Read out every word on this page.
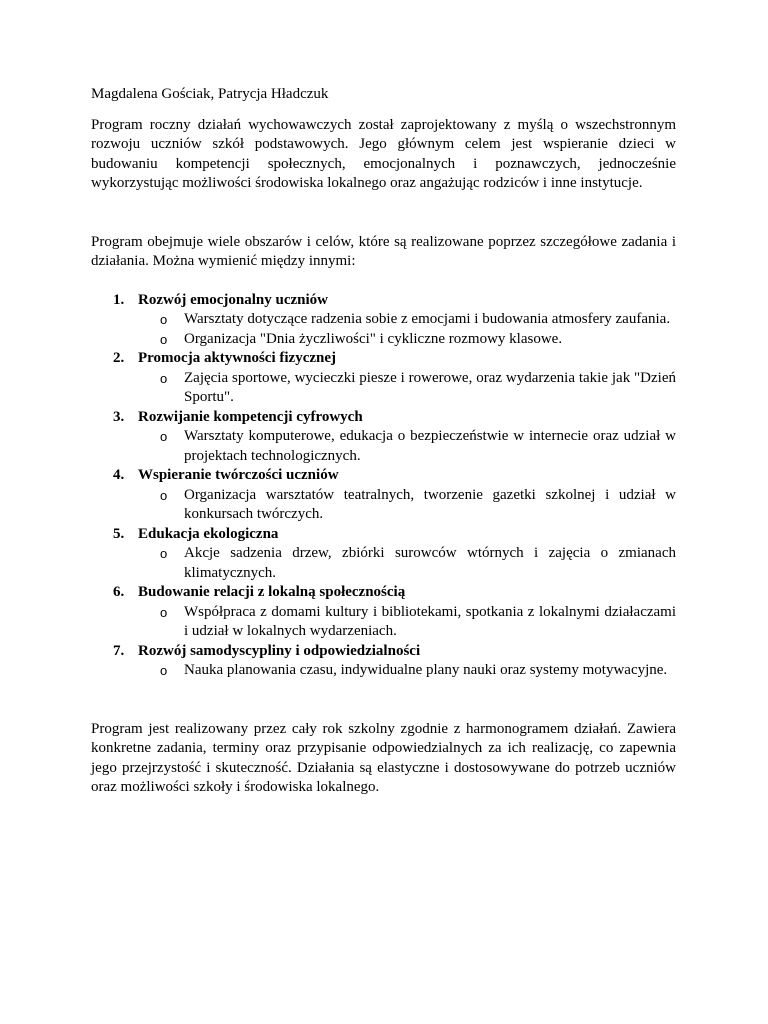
Magdalena Gościak, Patrycja Hładczuk

Program roczny działań wychowawczych został zaprojektowany z myślą o wszechstronnym rozwoju uczniów szkół podstawowych. Jego głównym celem jest wspieranie dzieci w budowaniu kompetencji społecznych, emocjonalnych i poznawczych, jednocześnie wykorzystując możliwości środowiska lokalnego oraz angażując rodziców i inne instytucje.

Program obejmuje wiele obszarów i celów, które są realizowane poprzez szczegółowe zadania i działania. Można wymienić między innymi:

1. Rozwój emocjonalny uczniów
o Warsztaty dotyczące radzenia sobie z emocjami i budowania atmosfery zaufania.
o Organizacja "Dnia życzliwości" i cykliczne rozmowy klasowe.
2. Promocja aktywności fizycznej
o Zajęcia sportowe, wycieczki piesze i rowerowe, oraz wydarzenia takie jak "Dzień Sportu".
3. Rozwijanie kompetencji cyfrowych
o Warsztaty komputerowe, edukacja o bezpieczeństwie w internecie oraz udział w projektach technologicznych.
4. Wspieranie twórczości uczniów
o Organizacja warsztatów teatralnych, tworzenie gazetki szkolnej i udział w konkursach twórczych.
5. Edukacja ekologiczna
o Akcje sadzenia drzew, zbiórki surowców wtórnych i zajęcia o zmianach klimatycznych.
6. Budowanie relacji z lokalną społecznością
o Współpraca z domami kultury i bibliotekami, spotkania z lokalnymi działaczami i udział w lokalnych wydarzeniach.
7. Rozwój samodyscypliny i odpowiedzialności
o Nauka planowania czasu, indywidualne plany nauki oraz systemy motywacyjne.

Program jest realizowany przez cały rok szkolny zgodnie z harmonogramem działań. Zawiera konkretne zadania, terminy oraz przypisanie odpowiedzialnych za ich realizację, co zapewnia jego przejrzystość i skuteczność. Działania są elastyczne i dostosowywane do potrzeb uczniów oraz możliwości szkoły i środowiska lokalnego.
